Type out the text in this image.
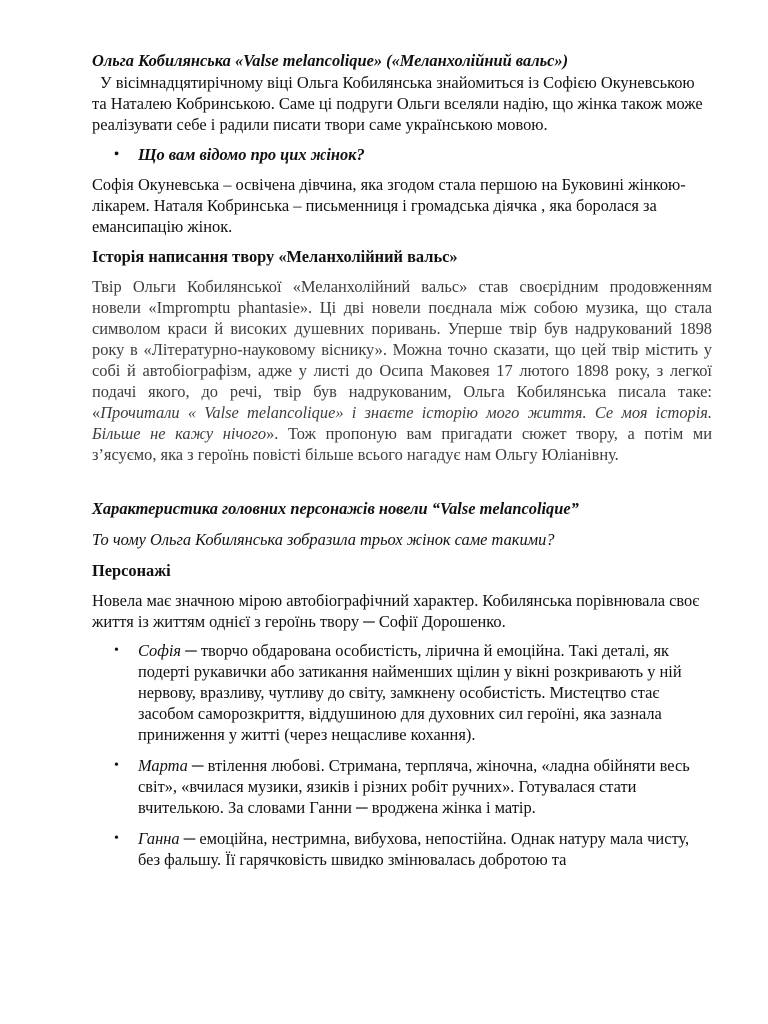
Ольга Кобилянська «Valse melancolique» («Меланхолійний вальс»)

У вісімнадцятирічному віці Ольга Кобилянська знайомиться із Софією Окуневською та Наталею Кобринською. Саме ці подруги Ольги вселяли надію, що жінка також може реалізувати себе і радили писати твори саме українською мовою.

• Що вам відомо про цих жінок?

Софія Окуневська – освічена дівчина, яка згодом стала першою на Буковині жінкою-лікарем. Наталя Кобринська – письменниця і громадська діячка , яка боролася за емансипацію жінок.

Історія написання твору «Меланхолійний вальс»

Твір Ольги Кобилянської «Меланхолійний вальс» став своєрідним продовженням новели «Impromptu phantasie». Ці дві новели поєднала між собою музика, що стала символом краси й високих душевних поривань. Уперше твір був надрукований 1898 року в «Літературно-науковому віснику». Можна точно сказати, що цей твір містить у собі й автобіографізм, адже у листі до Осипа Маковея 17 лютого 1898 року, з легкої подачі якого, до речі, твір був надрукованим, Ольга Кобилянська писала таке: «Прочитали « Valse melancolique» і знаєте історію мого життя. Се моя історія. Більше не кажу нічого». Тож пропоную вам пригадати сюжет твору, а потім ми з’ясуємо, яка з героїнь повісті більше всього нагадує нам Ольгу Юліанівну.

Характеристика головних персонажів новели “Valse melancolique”

То чому Ольга Кобилянська зобразила трьох жінок саме такими?

Персонажі

Новела має значною мірою автобіографічний характер. Кобилянська порівнювала своє життя із життям однієї з героїнь твору ─ Софії Дорошенко.

• Софія ─ творчо обдарована особистість, лірична й емоційна. Такі деталі, як подерті рукавички або затикання найменших щілин у вікні розкривають у ній нервову, вразливу, чутливу до світу, замкнену особистість. Мистецтво стає засобом саморозкриття, віддушиною для духовних сил героїні, яка зазнала приниження у житті (через нещасливе кохання).
• Марта ─ втілення любові. Стримана, терпляча, жіночна, «ладна обійняти весь світ», «вчилася музики, язиків і різних робіт ручних». Готувалася стати вчителькою. За словами Ганни ─ вроджена жінка і матір.
• Ганна ─ емоційна, нестримна, вибухова, непостійна. Однак натуру мала чисту, без фальшу. Її гарячковість швидко змінювалась добротою та
